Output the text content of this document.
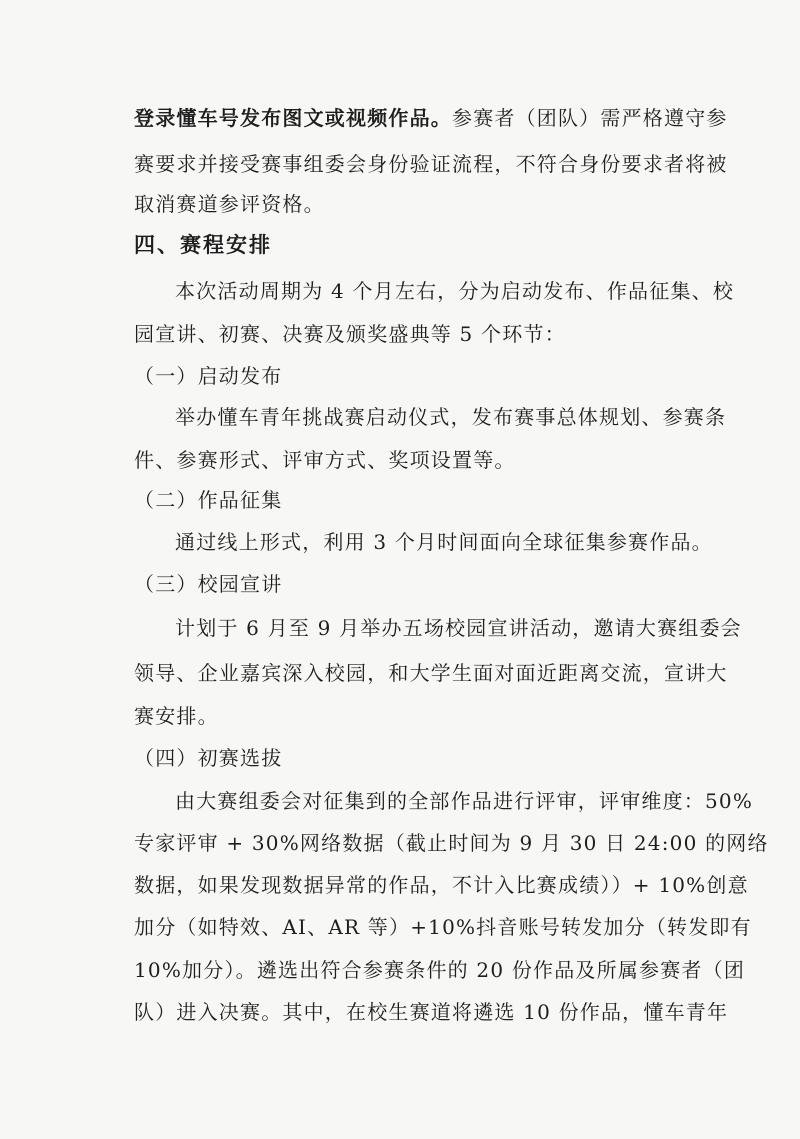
登录懂车号发布图文或视频作品。参赛者（团队）需严格遵守参
赛要求并接受赛事组委会身份验证流程，不符合身份要求者将被
取消赛道参评资格。
四、赛程安排
本次活动周期为 4 个月左右，分为启动发布、作品征集、校
园宣讲、初赛、决赛及颁奖盛典等 5 个环节：
（一）启动发布
举办懂车青年挑战赛启动仪式，发布赛事总体规划、参赛条
件、参赛形式、评审方式、奖项设置等。
（二）作品征集
通过线上形式，利用 3 个月时间面向全球征集参赛作品。
（三）校园宣讲
计划于 6 月至 9 月举办五场校园宣讲活动，邀请大赛组委会
领导、企业嘉宾深入校园，和大学生面对面近距离交流，宣讲大
赛安排。
（四）初赛选拔
由大赛组委会对征集到的全部作品进行评审，评审维度：50%
专家评审 + 30%网络数据（截止时间为 9 月 30 日 24:00 的网络
数据，如果发现数据异常的作品，不计入比赛成绩））+ 10%创意
加分（如特效、AI、AR 等）+10%抖音账号转发加分（转发即有
10%加分）。遴选出符合参赛条件的 20 份作品及所属参赛者（团
队）进入决赛。其中，在校生赛道将遴选 10 份作品，懂车青年
